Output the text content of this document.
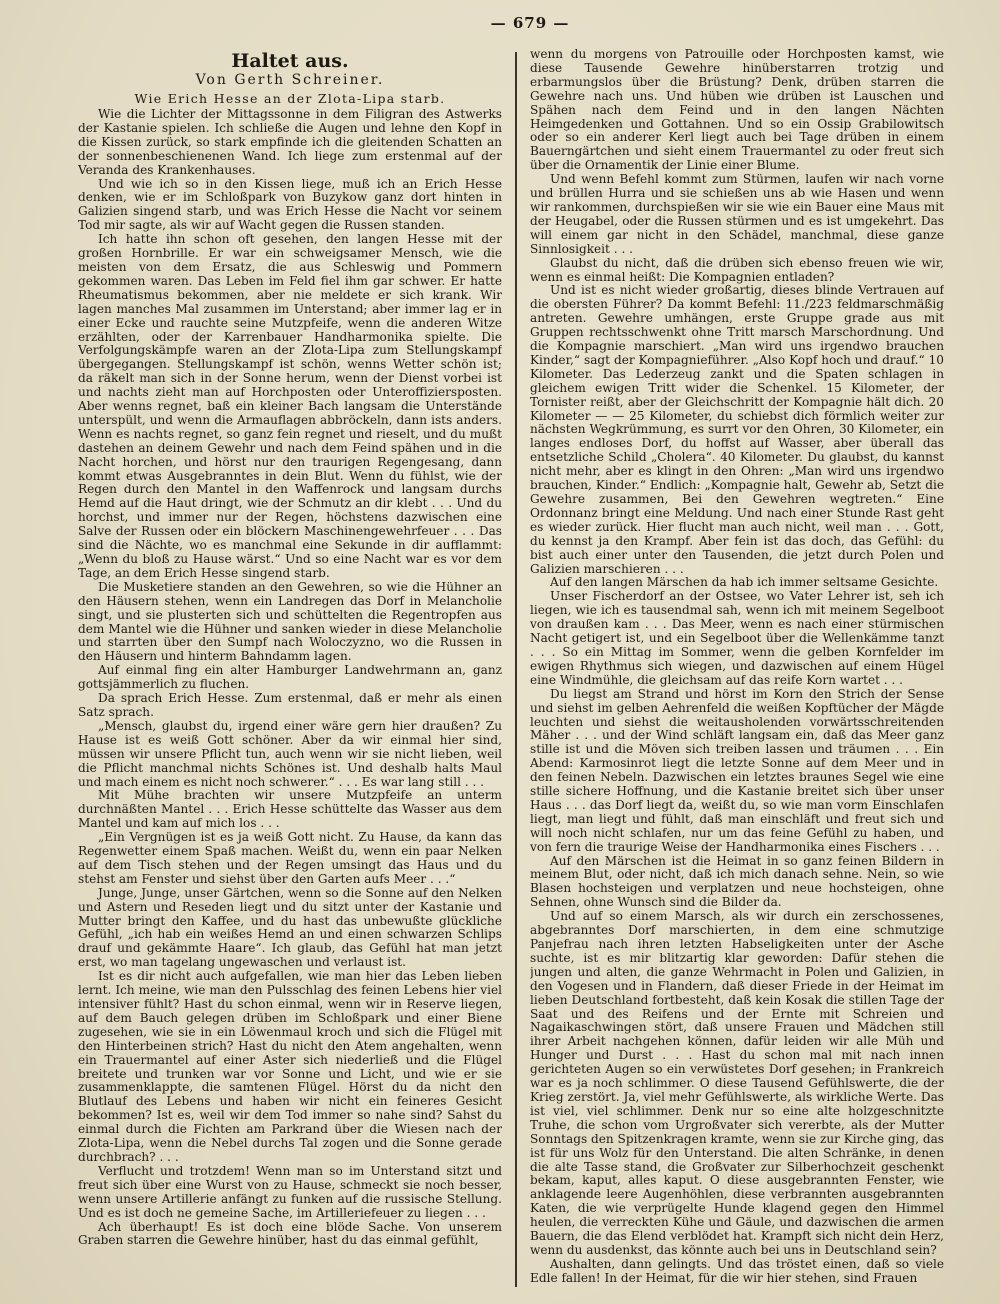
— 679 —
Haltet aus.
Von Gerth Schreiner.
Wie Erich Hesse an der Zlota-Lipa starb.

Wie die Lichter der Mittagssonne in dem Filigran des Astwerks der Kastanie spielen. Ich schließe die Augen und lehne den Kopf in die Kissen zurück, so stark empfinde ich die gleitenden Schatten an der sonnenbeschienenen Wand. Ich liege zum erstenmal auf der Veranda des Krankenhauses.

Und wie ich so in den Kissen liege, muß ich an Erich Hesse denken, wie er im Schloßpark von Buzykow ganz dort hinten in Galizien singend starb, und was Erich Hesse die Nacht vor seinem Tod mir sagte, als wir auf Wacht gegen die Russen standen.

Ich hatte ihn schon oft gesehen, den langen Hesse mit der großen Hornbrille. Er war ein schweigsamer Mensch, wie die meisten von dem Ersatz, die aus Schleswig und Pommern gekommen waren. Das Leben im Feld fiel ihm gar schwer. Er hatte Rheumatismus bekommen, aber nie meldete er sich krank. Wir lagen manches Mal zusammen im Unterstand; aber immer lag er in einer Ecke und rauchte seine Mutzpfeife, wenn die anderen Witze erzählten, oder der Karrenbauer Handharmonika spielte. Die Verfolgungskämpfe waren an der Zlota-Lipa zum Stellungskampf übergegangen. Stellungskampf ist schön, wenns Wetter schön ist; da räkelt man sich in der Sonne herum, wenn der Dienst vorbei ist und nachts zieht man auf Horchposten oder Unteroffiziersposten. Aber wenns regnet, baß ein kleiner Bach langsam die Unterstände unterspült, und wenn die Armauflagen abbröckeln, dann ists anders. Wenn es nachts regnet, so ganz fein regnet und rieselt, und du mußt dastehen an deinem Gewehr und nach dem Feind spähen und in die Nacht horchen, und hörst nur den traurigen Regengesang, dann kommt etwas Ausgebranntes in dein Blut. Wenn du fühlst, wie der Regen durch den Mantel in den Waffenrock und langsam durchs Hemd auf die Haut dringt, wie der Schmutz an dir klebt . . . Und du horchst, und immer nur der Regen, höchstens dazwischen eine Salve der Russen oder ein blöckern Maschinengewehrfeuer . . . Das sind die Nächte, wo es manchmal eine Sekunde in dir aufflammt: „Wenn du bloß zu Hause wärst.“ Und so eine Nacht war es vor dem Tage, an dem Erich Hesse singend starb.

Die Musketiere standen an den Gewehren, so wie die Hühner an den Häusern stehen, wenn ein Landregen das Dorf in Melancholie singt, und sie plusterten sich und schüttelten die Regentropfen aus dem Mantel wie die Hühner und sanken wieder in diese Melancholie und starrten über den Sumpf nach Woloczyzno, wo die Russen in den Häusern und hinterm Bahndamm lagen.

Auf einmal fing ein alter Hamburger Landwehrmann an, ganz gottsjämmerlich zu fluchen.

Da sprach Erich Hesse. Zum erstenmal, daß er mehr als einen Satz sprach.

„Mensch, glaubst du, irgend einer wäre gern hier draußen? Zu Hause ist es weiß Gott schöner. Aber da wir einmal hier sind, müssen wir unsere Pflicht tun, auch wenn wir sie nicht lieben, weil die Pflicht manchmal nichts Schönes ist. Und deshalb halts Maul und mach einem es nicht noch schwerer.“ . . . Es war lang still . . .

Mit Mühe brachten wir unsere Mutzpfeife an unterm durchnäßten Mantel . . . Erich Hesse schüttelte das Wasser aus dem Mantel und kam auf mich los . . .

„Ein Vergnügen ist es ja weiß Gott nicht. Zu Hause, da kann das Regenwetter einem Spaß machen. Weißt du, wenn ein paar Nelken auf dem Tisch stehen und der Regen umsingt das Haus und du stehst am Fenster und siehst über den Garten aufs Meer . . .“

Junge, Junge, unser Gärtchen, wenn so die Sonne auf den Nelken und Astern und Reseden liegt und du sitzt unter der Kastanie und Mutter bringt den Kaffee, und du hast das unbewußte glückliche Gefühl, „ich hab ein weißes Hemd an und einen schwarzen Schlips drauf und gekämmte Haare“. Ich glaub, das Gefühl hat man jetzt erst, wo man tagelang ungewaschen und verlaust ist.

Ist es dir nicht auch aufgefallen, wie man hier das Leben lieben lernt. Ich meine, wie man den Pulsschlag des feinen Lebens hier viel intensiver fühlt? Hast du schon einmal, wenn wir in Reserve liegen, auf dem Bauch gelegen drüben im Schloßpark und einer Biene zugesehen, wie sie in ein Löwenmaul kroch und sich die Flügel mit den Hinterbeinen strich? Hast du nicht den Atem angehalten, wenn ein Trauermantel auf einer Aster sich niederließ und die Flügel breitete und trunken war vor Sonne und Licht, und wie er sie zusammenklappte, die samtenen Flügel. Hörst du da nicht den Blutlauf des Lebens und haben wir nicht ein feineres Gesicht bekommen? Ist es, weil wir dem Tod immer so nahe sind? Sahst du einmal durch die Fichten am Parkrand über die Wiesen nach der Zlota-Lipa, wenn die Nebel durchs Tal zogen und die Sonne gerade durchbrach? . . .

Verflucht und trotzdem! Wenn man so im Unterstand sitzt und freut sich über eine Wurst von zu Hause, schmeckt sie noch besser, wenn unsere Artillerie anfängt zu funken auf die russische Stellung. Und es ist doch ne gemeine Sache, im Artilleriefeuer zu liegen . . .

Ach überhaupt! Es ist doch eine blöde Sache. Von unserem Graben starren die Gewehre hinüber, hast du das einmal gefühlt,

wenn du morgens von Patrouille oder Horchposten kamst, wie diese Tausende Gewehre hinüberstarren trotzig und erbarmungslos über die Brüstung? Denk, drüben starren die Gewehre nach uns. Und hüben wie drüben ist Lauschen und Spähen nach dem Feind und in den langen Nächten Heimgedenken und Gottahnen. Und so ein Ossip Grabilowitsch oder so ein anderer Kerl liegt auch bei Tage drüben in einem Bauerngärtchen und sieht einem Trauermantel zu oder freut sich über die Ornamentik der Linie einer Blume.

Und wenn Befehl kommt zum Stürmen, laufen wir nach vorne und brüllen Hurra und sie schießen uns ab wie Hasen und wenn wir rankommen, durchspießen wir sie wie ein Bauer eine Maus mit der Heugabel, oder die Russen stürmen und es ist umgekehrt. Das will einem gar nicht in den Schädel, manchmal, diese ganze Sinnlosigkeit . . .

Glaubst du nicht, daß die drüben sich ebenso freuen wie wir, wenn es einmal heißt: Die Kompagnien entladen?

Und ist es nicht wieder großartig, dieses blinde Vertrauen auf die obersten Führer? Da kommt Befehl: 11./223 feldmarschmäßig antreten. Gewehre umhängen, erste Gruppe grade aus mit Gruppen rechtsschwenkt ohne Tritt marsch Marschordnung. Und die Kompagnie marschiert. „Man wird uns irgendwo brauchen Kinder,“ sagt der Kompagnieführer. „Also Kopf hoch und drauf.“ 10 Kilometer. Das Lederzeug zankt und die Spaten schlagen in gleichem ewigen Tritt wider die Schenkel. 15 Kilometer, der Tornister reißt, aber der Gleichschritt der Kompagnie hält dich. 20 Kilometer — — 25 Kilometer, du schiebst dich förmlich weiter zur nächsten Wegkrümmung, es surrt vor den Ohren, 30 Kilometer, ein langes endloses Dorf, du hoffst auf Wasser, aber überall das entsetzliche Schild „Cholera“. 40 Kilometer. Du glaubst, du kannst nicht mehr, aber es klingt in den Ohren: „Man wird uns irgendwo brauchen, Kinder.“ Endlich: „Kompagnie halt, Gewehr ab, Setzt die Gewehre zusammen, Bei den Gewehren wegtreten.“ Eine Ordonnanz bringt eine Meldung. Und nach einer Stunde Rast geht es wieder zurück. Hier flucht man auch nicht, weil man . . . Gott, du kennst ja den Krampf. Aber fein ist das doch, das Gefühl: du bist auch einer unter den Tausenden, die jetzt durch Polen und Galizien marschieren . . .

Auf den langen Märschen da hab ich immer seltsame Gesichte.

Unser Fischerdorf an der Ostsee, wo Vater Lehrer ist, seh ich liegen, wie ich es tausendmal sah, wenn ich mit meinem Segelboot von draußen kam . . . Das Meer, wenn es nach einer stürmischen Nacht getigert ist, und ein Segelboot über die Wellenkämme tanzt . . . So ein Mittag im Sommer, wenn die gelben Kornfelder im ewigen Rhythmus sich wiegen, und dazwischen auf einem Hügel eine Windmühle, die gleichsam auf das reife Korn wartet . . .

Du liegst am Strand und hörst im Korn den Strich der Sense und siehst im gelben Aehrenfeld die weißen Kopftücher der Mägde leuchten und siehst die weitausholenden vorwärtsschreitenden Mäher . . . und der Wind schläft langsam ein, daß das Meer ganz stille ist und die Möven sich treiben lassen und träumen . . . Ein Abend: Karmosinrot liegt die letzte Sonne auf dem Meer und in den feinen Nebeln. Dazwischen ein letztes braunes Segel wie eine stille sichere Hoffnung, und die Kastanie breitet sich über unser Haus . . . das Dorf liegt da, weißt du, so wie man vorm Einschlafen liegt, man liegt und fühlt, daß man einschläft und freut sich und will noch nicht schlafen, nur um das feine Gefühl zu haben, und von fern die traurige Weise der Handharmonika eines Fischers . . .

Auf den Märschen ist die Heimat in so ganz feinen Bildern in meinem Blut, oder nicht, daß ich mich danach sehne. Nein, so wie Blasen hochsteigen und verplatzen und neue hochsteigen, ohne Sehnen, ohne Wunsch sind die Bilder da.

Und auf so einem Marsch, als wir durch ein zerschossenes, abgebranntes Dorf marschierten, in dem eine schmutzige Panjefrau nach ihren letzten Habseligkeiten unter der Asche suchte, ist es mir blitzartig klar geworden: Dafür stehen die jungen und alten, die ganze Wehrmacht in Polen und Galizien, in den Vogesen und in Flandern, daß dieser Friede in der Heimat im lieben Deutschland fortbesteht, daß kein Kosak die stillen Tage der Saat und des Reifens und der Ernte mit Schreien und Nagaikaschwingen stört, daß unsere Frauen und Mädchen still ihrer Arbeit nachgehen können, dafür leiden wir alle Müh und Hunger und Durst . . . Hast du schon mal mit nach innen gerichteten Augen so ein verwüstetes Dorf gesehen; in Frankreich war es ja noch schlimmer. O diese Tausend Gefühlswerte, die der Krieg zerstört. Ja, viel mehr Gefühlswerte, als wirkliche Werte. Das ist viel, viel schlimmer. Denk nur so eine alte holzgeschnitzte Truhe, die schon vom Urgroßvater sich vererbte, als der Mutter Sonntags den Spitzenkragen kramte, wenn sie zur Kirche ging, das ist für uns Wolz für den Unterstand. Die alten Schränke, in denen die alte Tasse stand, die Großvater zur Silberhochzeit geschenkt bekam, kaput, alles kaput. O diese ausgebrannten Fenster, wie anklagende leere Augenhöhlen, diese verbrannten ausgebrannten Katen, die wie verprügelte Hunde klagend gegen den Himmel heulen, die verreckten Kühe und Gäule, und dazwischen die armen Bauern, die das Elend verblödet hat. Krampft sich nicht dein Herz, wenn du ausdenkst, das könnte auch bei uns in Deutschland sein?

Aushalten, dann gelingts. Und das tröstet einen, daß so viele Edle fallen! In der Heimat, für die wir hier stehen, sind Frauen
